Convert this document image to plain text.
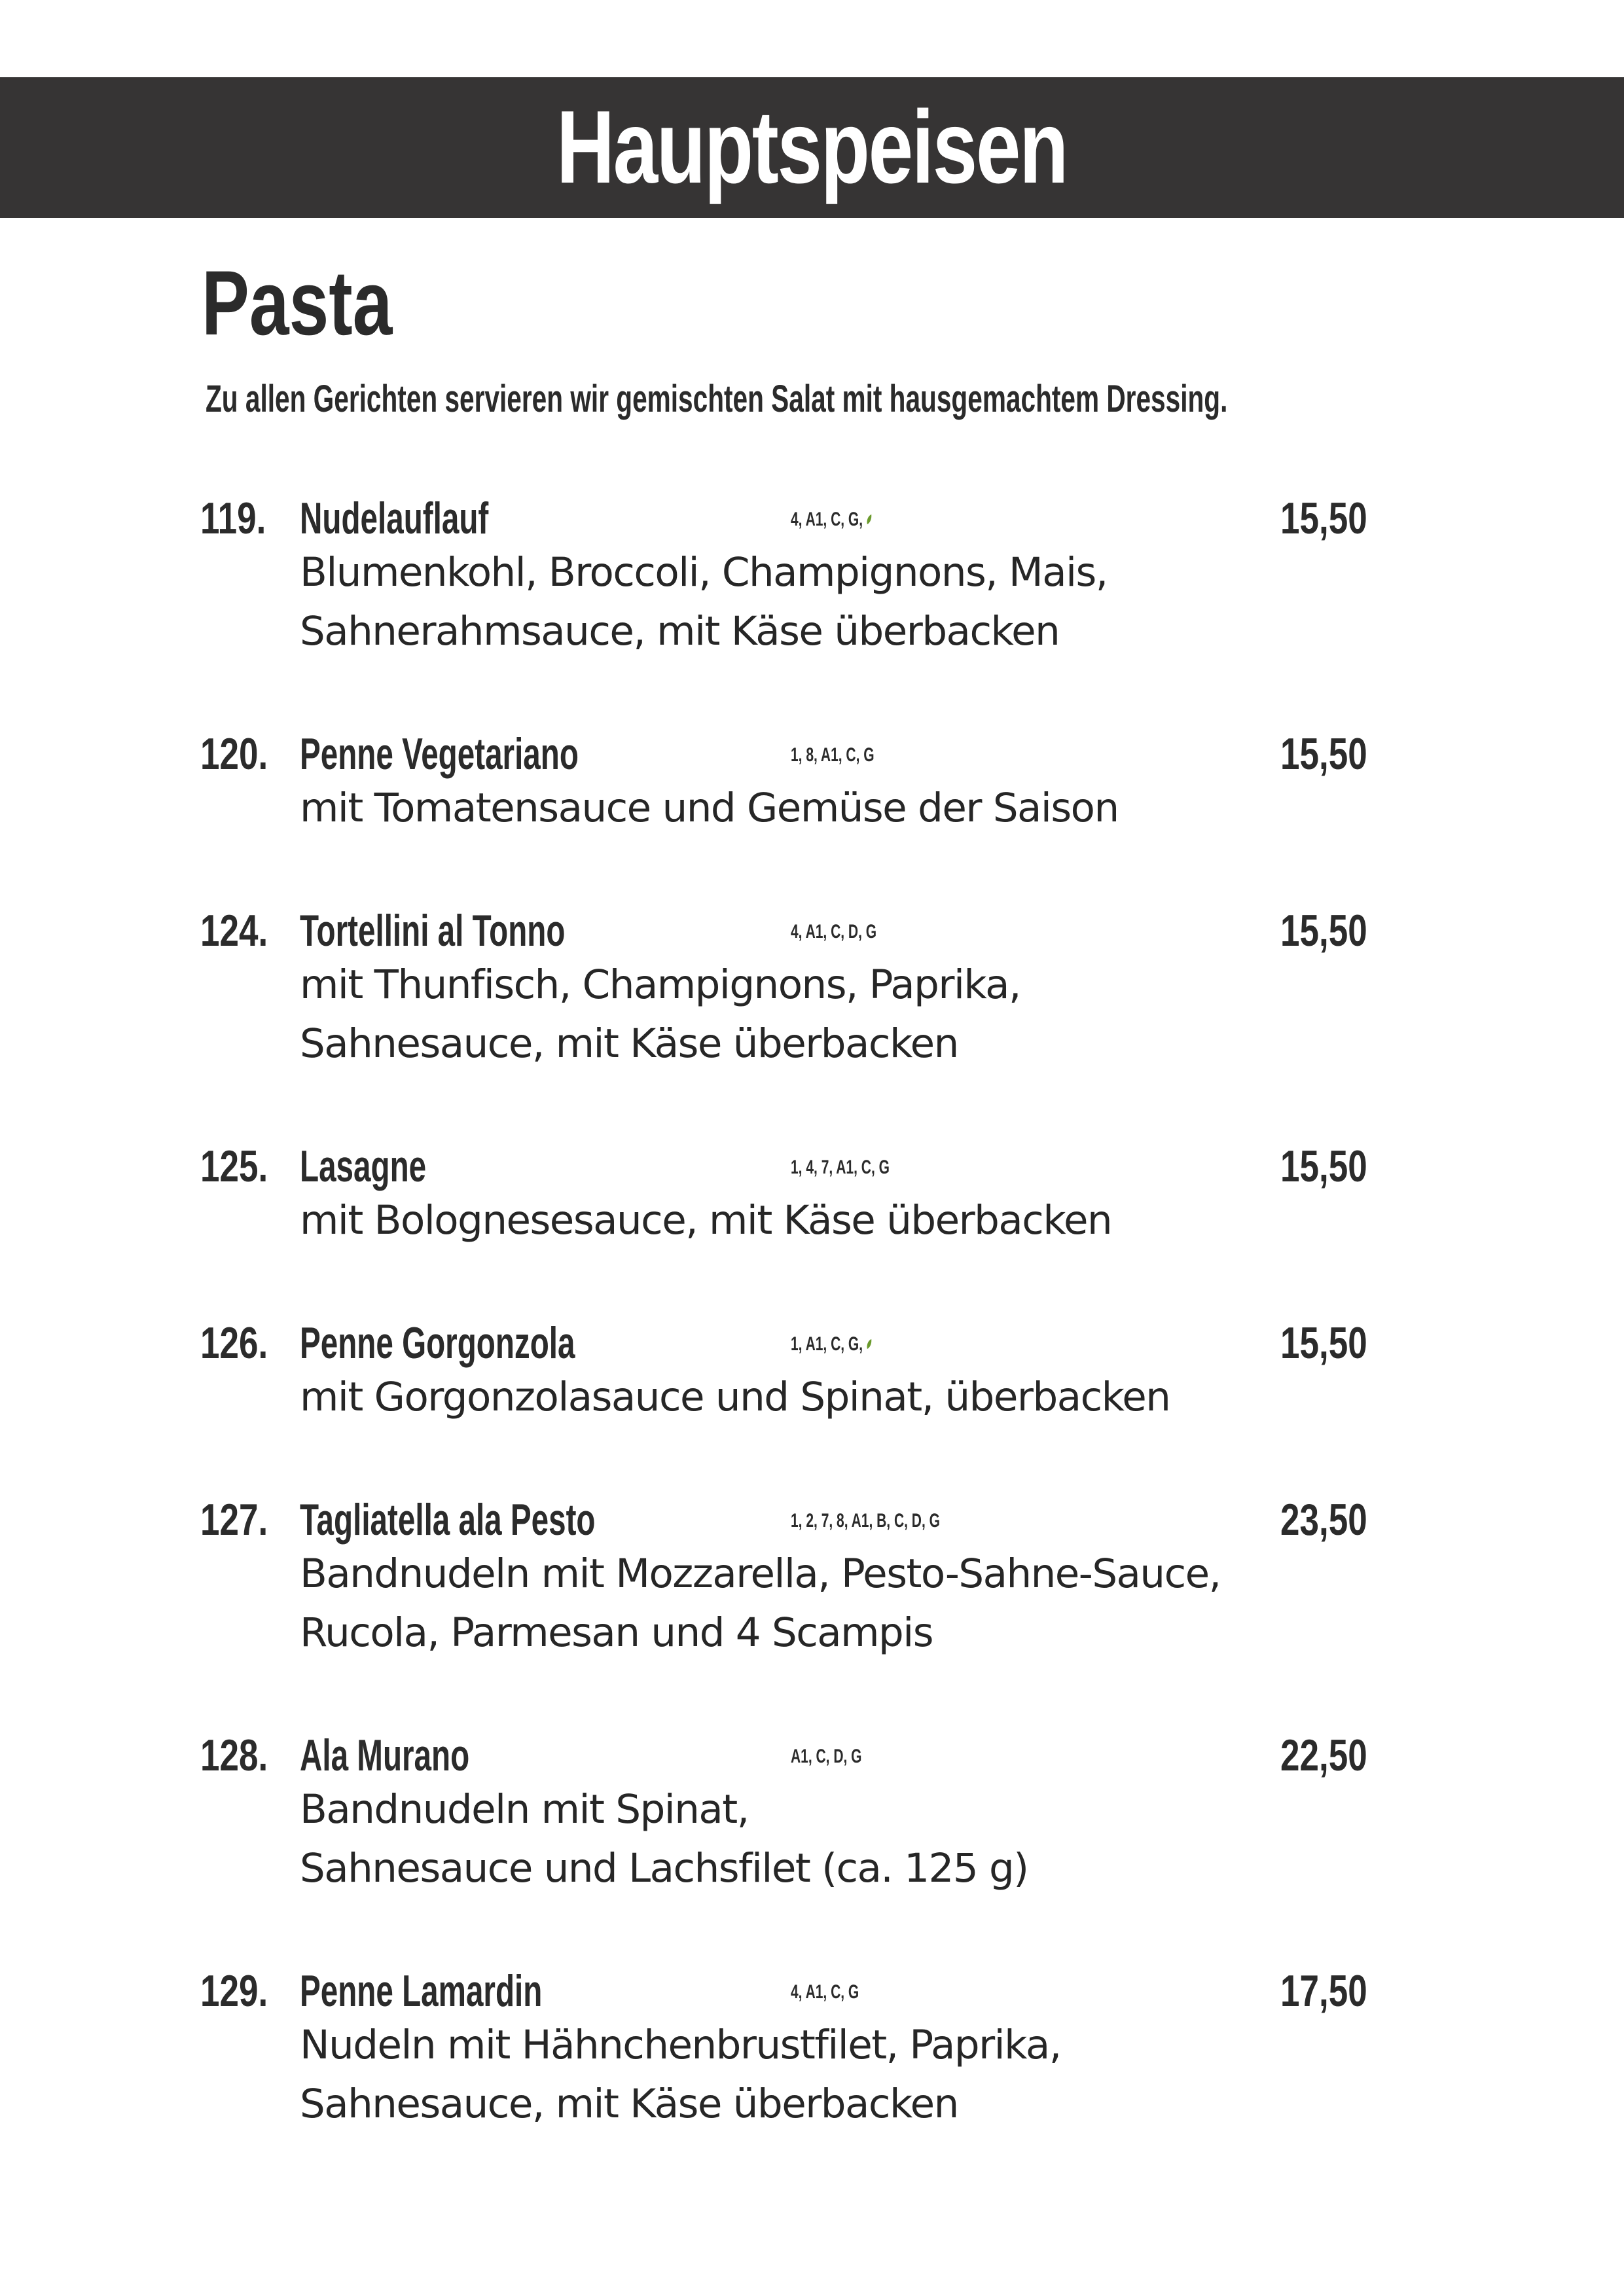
Hauptspeisen
Pasta
Zu allen Gerichten servieren wir gemischten Salat mit hausgemachtem Dressing.
119. Nudelauflauf	4, A1, C, G,	15,50
Blumenkohl, Broccoli, Champignons, Mais,
Sahnerahmsauce, mit Käse überbacken
120. Penne Vegetariano	1, 8, A1, C, G	15,50
mit Tomatensauce und Gemüse der Saison
124. Tortellini al Tonno	4, A1, C, D, G	15,50
mit Thunfisch, Champignons, Paprika,
Sahnesauce, mit Käse überbacken
125. Lasagne	1, 4, 7, A1, C, G	15,50
mit Bolognesesauce, mit Käse überbacken
126. Penne Gorgonzola	1, A1, C, G,	15,50
mit Gorgonzolasauce und Spinat, überbacken
127. Tagliatella ala Pesto	1, 2, 7, 8, A1, B, C, D, G	23,50
Bandnudeln mit Mozzarella, Pesto-Sahne-Sauce,
Rucola, Parmesan und 4 Scampis
128. Ala Murano	A1, C, D, G	22,50
Bandnudeln mit Spinat,
Sahnesauce und Lachsfilet (ca. 125 g)
129. Penne Lamardin	4, A1, C, G	17,50
Nudeln mit Hähnchenbrustfilet, Paprika,
Sahnesauce, mit Käse überbacken
